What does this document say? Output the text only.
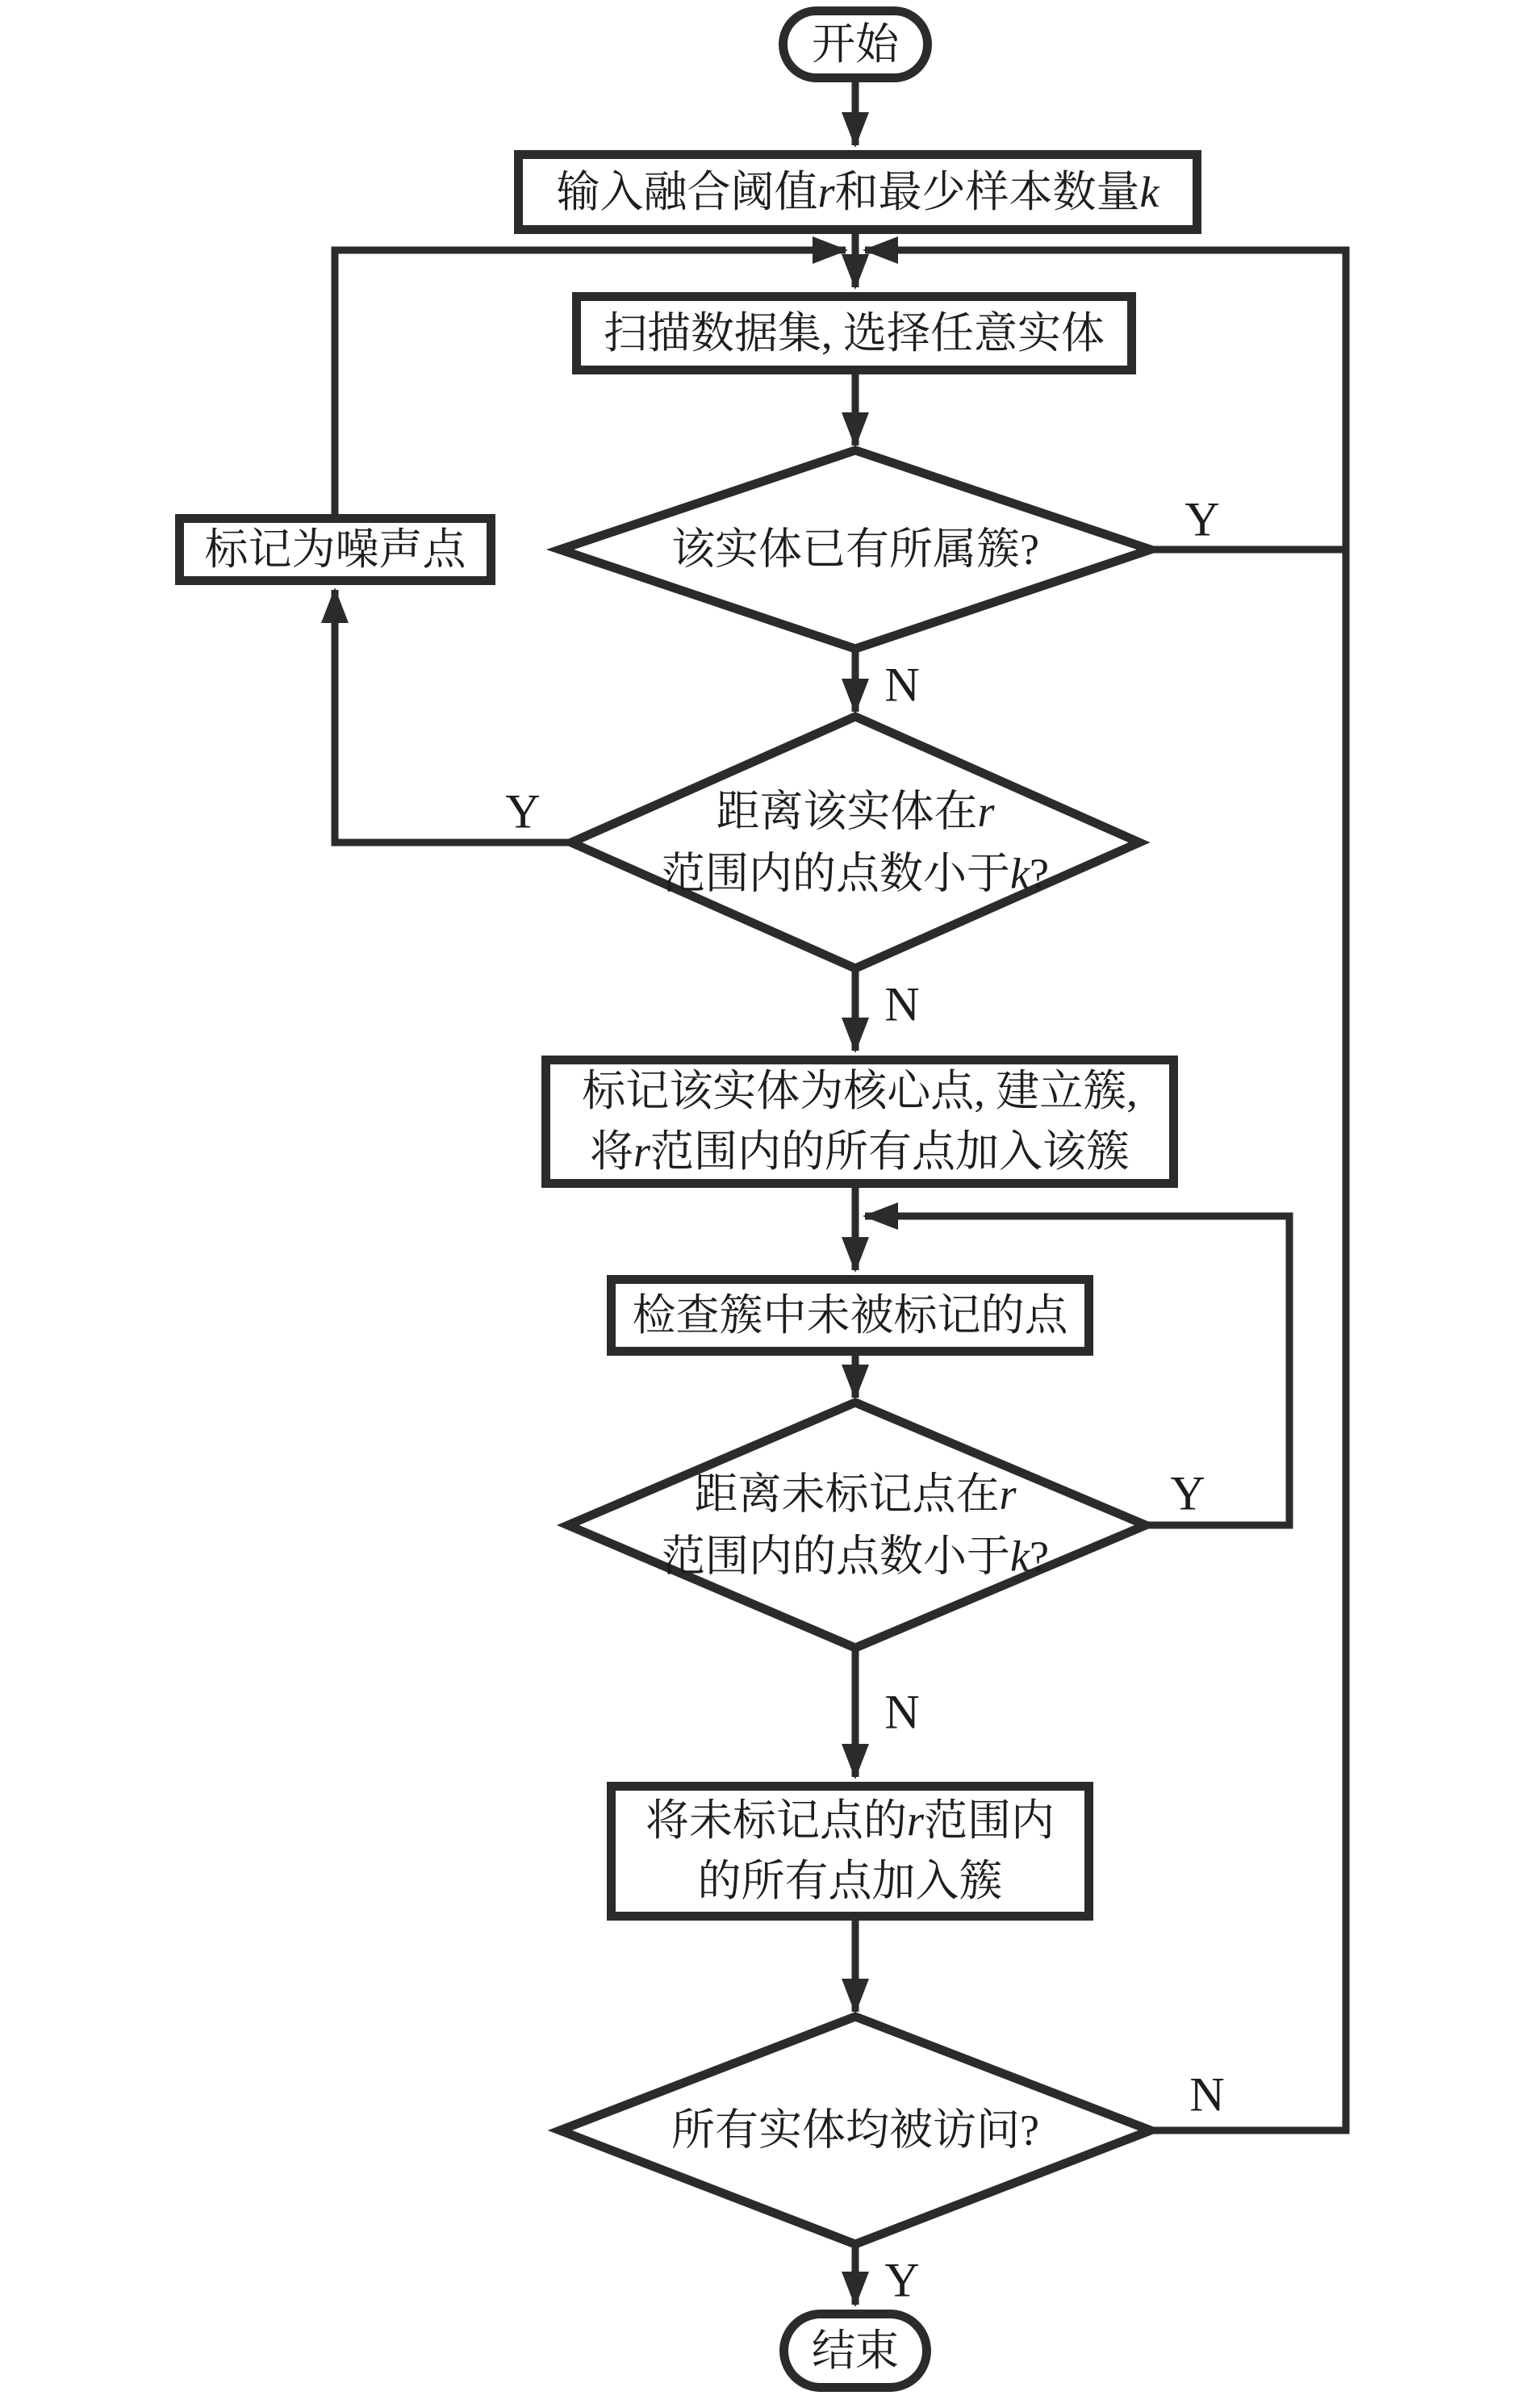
开始
结束
输入融合阈值r和最少样本数量k
扫描数据集, 选择任意实体
标记为噪声点
标记该实体为核心点, 建立簇,
将r范围内的所有点加入该簇
检查簇中未被标记的点
将未标记点的r范围内
的所有点加入簇
该实体已有所属簇?
距离该实体在r
范围内的点数小于k?
距离未标记点在r
范围内的点数小于k?
所有实体均被访问?
Y
N
Y
N
Y
N
N
Y
